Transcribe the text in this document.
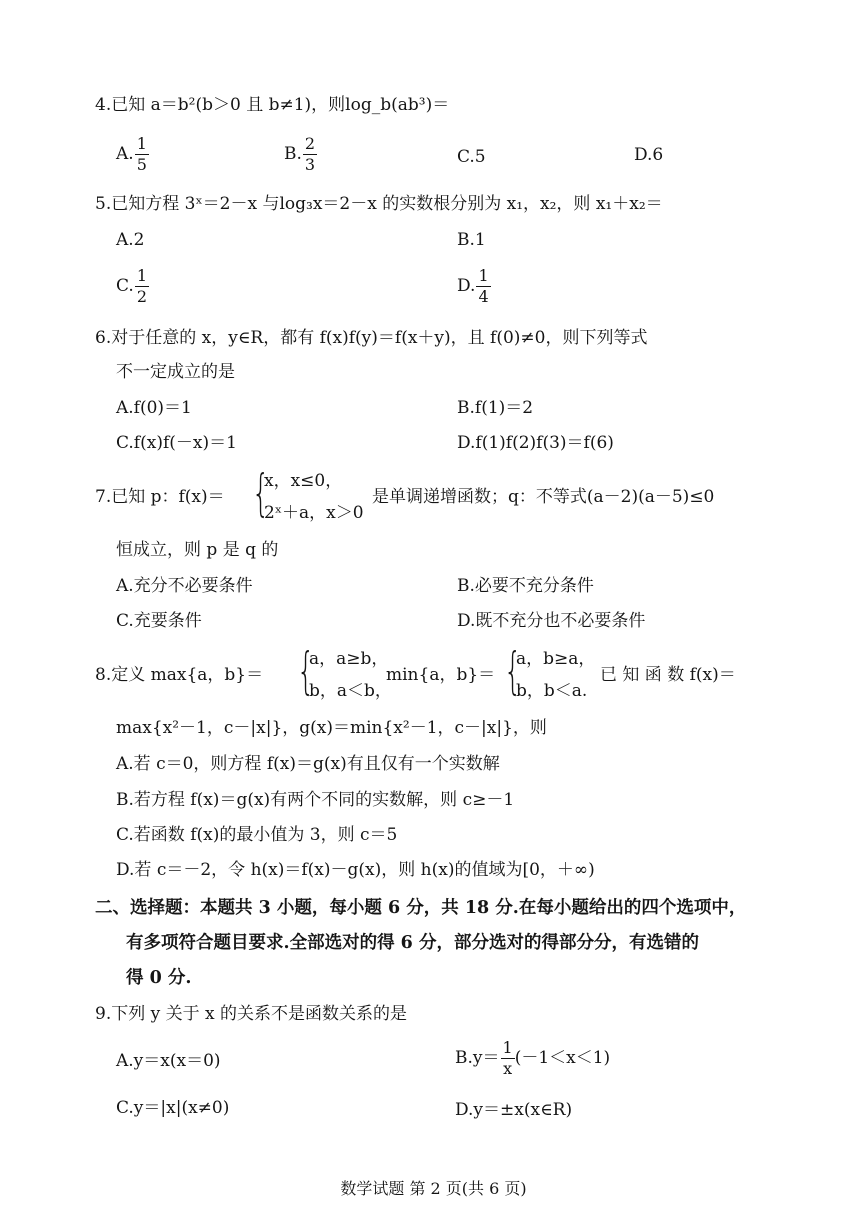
4.已知 a＝b²(b＞0 且 b≠1)，则log_b(ab³)＝
A. $\frac{1}{5}$	B. $\frac{2}{3}$	C.5	D.6
5.已知方程 3ˣ＝2－x 与log₃x＝2－x 的实数根分别为 x₁，x₂，则 x₁＋x₂＝
A.2	B.1
C. $\frac{1}{2}$	D. $\frac{1}{4}$
6.对于任意的 x，y∈R，都有 f(x)f(y)＝f(x＋y)，且 f(0)≠0，则下列等式
不一定成立的是
A.f(0)＝1	B.f(1)＝2
C.f(x)f(－x)＝1	D.f(1)f(2)f(3)＝f(6)
7.已知 p：f(x)＝ {
x，x≤0，
2ˣ＋a，x＞0
是单调递增函数；q：不等式(a－2)(a－5)≤0
恒成立，则 p 是 q 的
A.充分不必要条件	B.必要不充分条件
C.充要条件	D.既不充分也不必要条件
8.定义 max{a，b}＝ {
a，a≥b，
b，a＜b，
min{a，b}＝ {
a，b≥a，
b，b＜a.
已 知 函 数 f(x)＝
max{x²－1，c－|x|}，g(x)＝min{x²－1，c－|x|}，则
A.若 c＝0，则方程 f(x)＝g(x)有且仅有一个实数解
B.若方程 f(x)＝g(x)有两个不同的实数解，则 c≥－1
C.若函数 f(x)的最小值为 3，则 c＝5
D.若 c＝－2，令 h(x)＝f(x)－g(x)，则 h(x)的值域为[0，＋∞)
二、选择题：本题共 3 小题，每小题 6 分，共 18 分.在每小题给出的四个选项中，
有多项符合题目要求.全部选对的得 6 分，部分选对的得部分分，有选错的
得 0 分.
9.下列 y 关于 x 的关系不是函数关系的是
A.y＝x(x＝0)	$B.y= \frac{1}{x} (-1<x<1)$
C.y＝|x|(x≠0)	D.y＝±x(x∈R)
数学试题 第 2 页(共 6 页)
